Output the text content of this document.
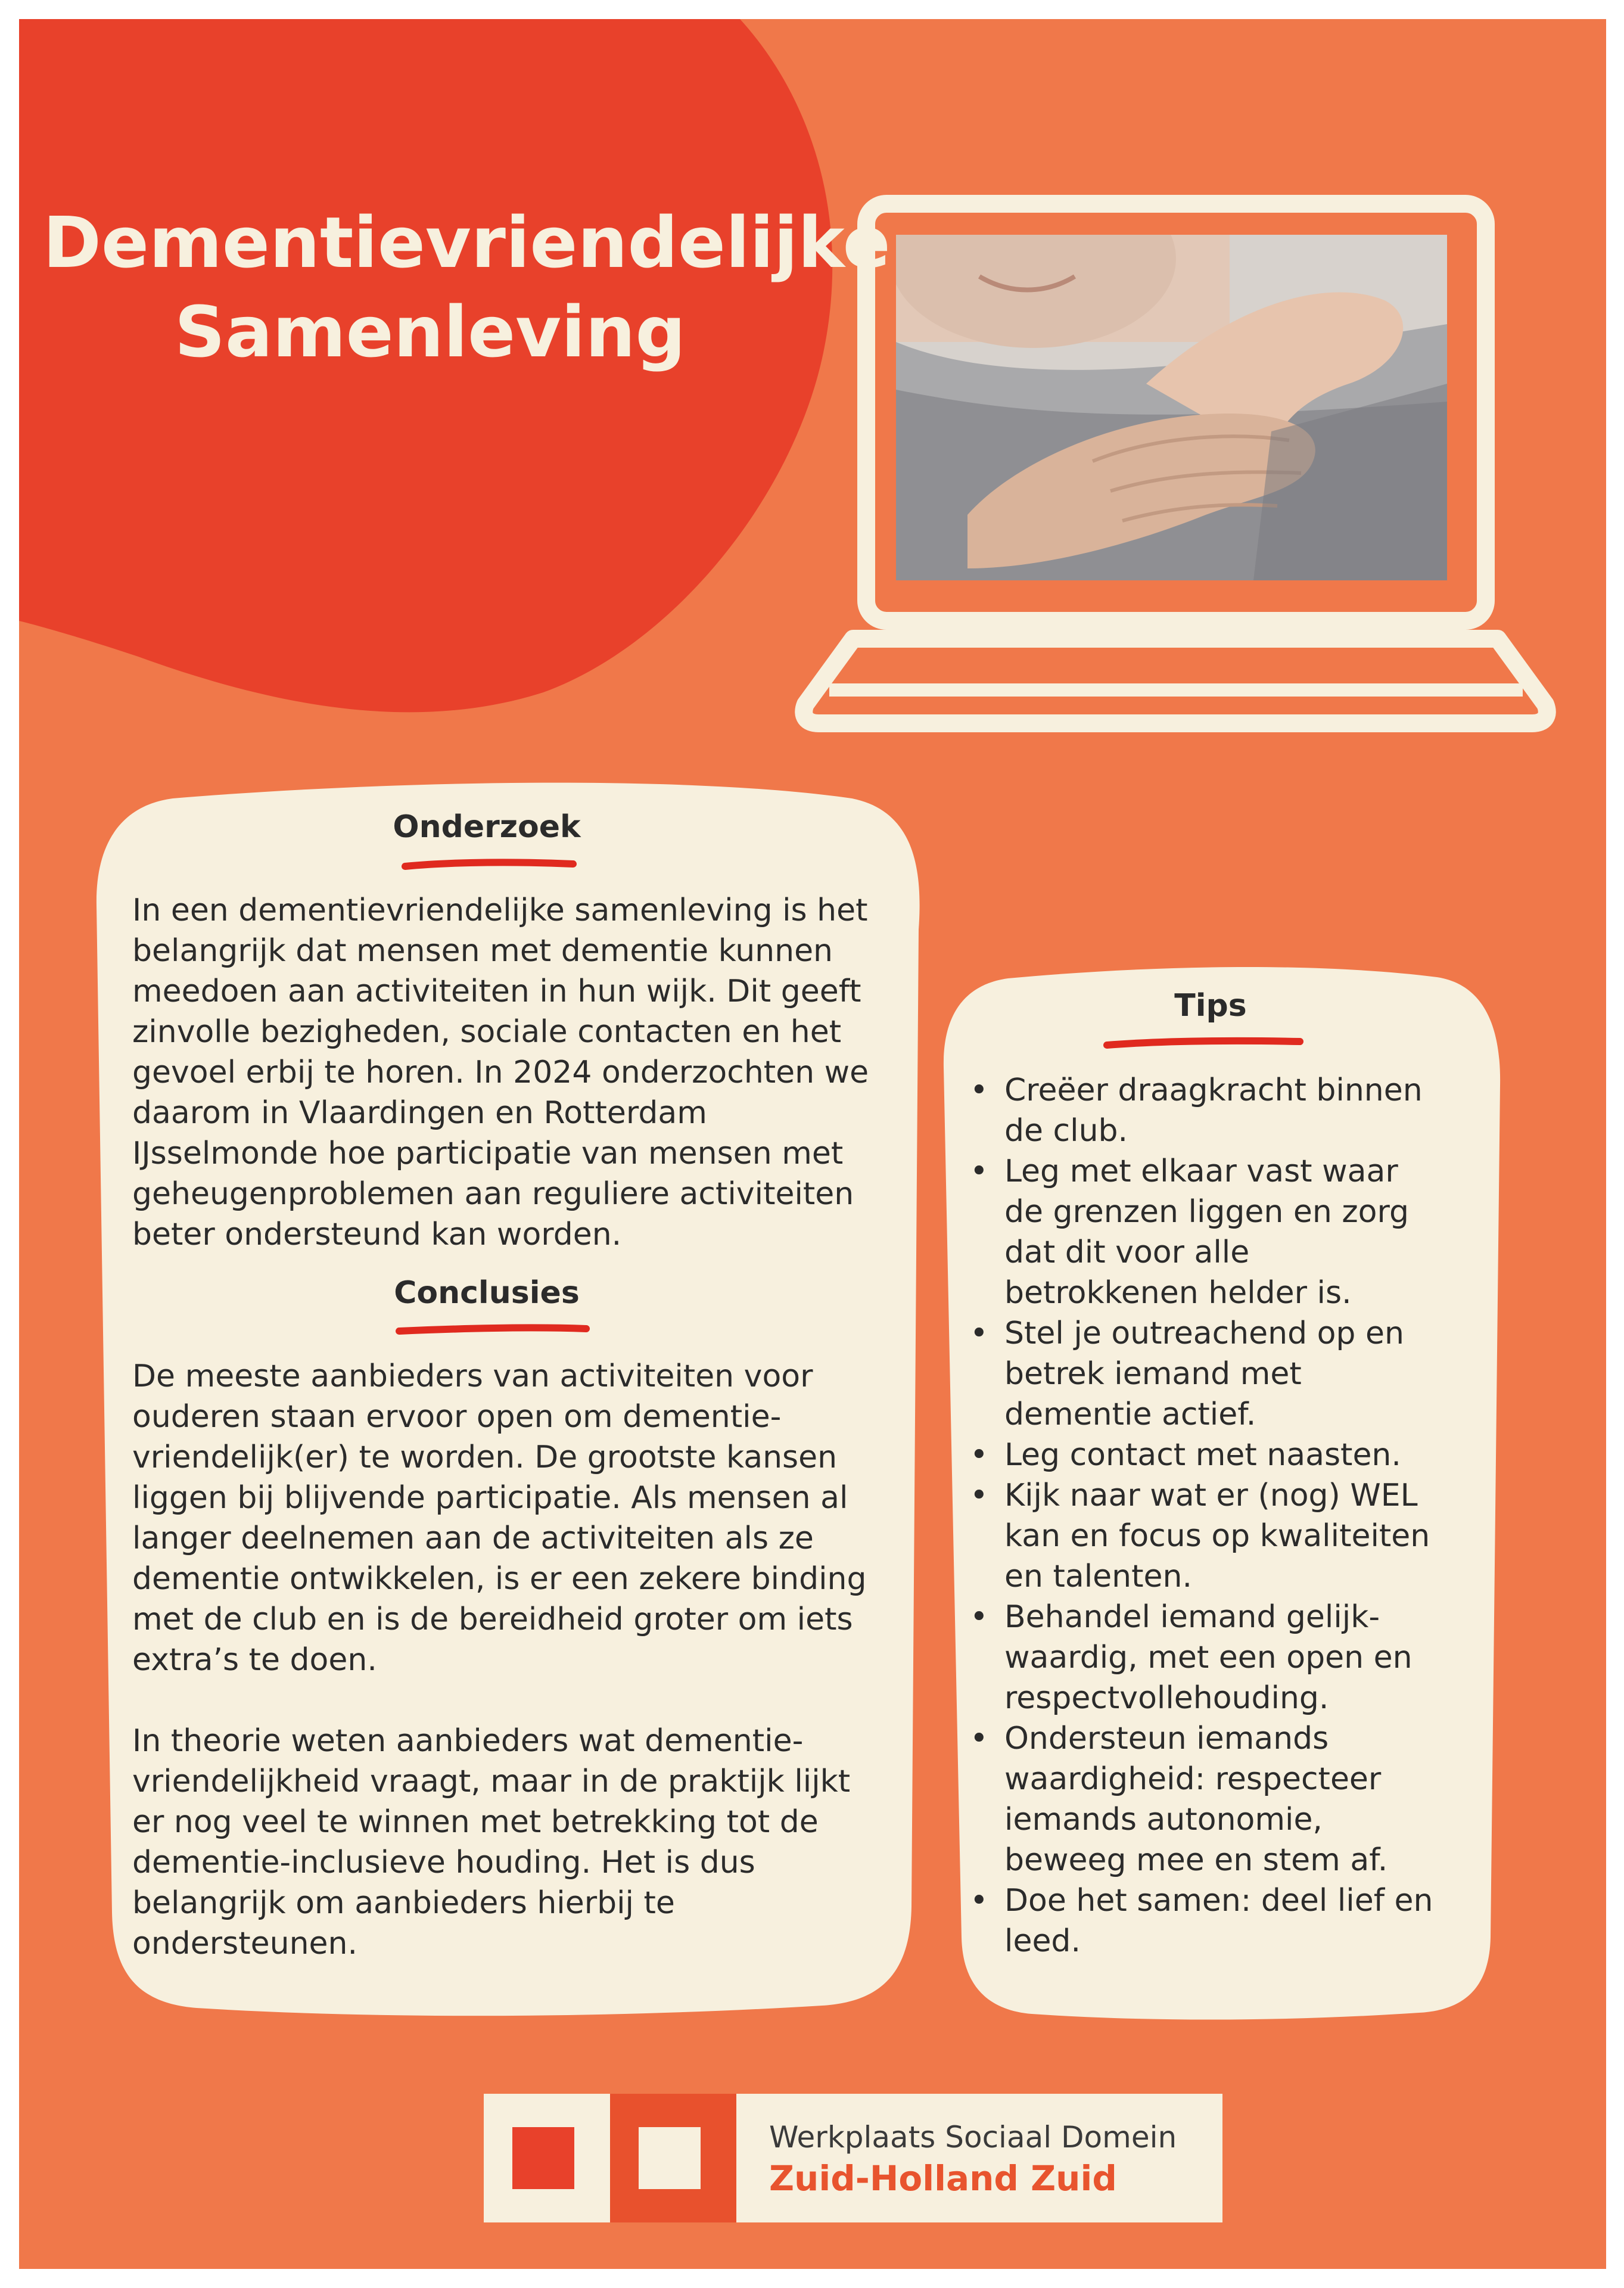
Dementievriendelijke
Samenleving

Onderzoek

In een dementievriendelijke samenleving is het
belangrijk dat mensen met dementie kunnen
meedoen aan activiteiten in hun wijk. Dit geeft
zinvolle bezigheden, sociale contacten en het
gevoel erbij te horen. In 2024 onderzochten we
daarom in Vlaardingen en Rotterdam
IJsselmonde hoe participatie van mensen met
geheugenproblemen aan reguliere activiteiten
beter ondersteund kan worden.

Conclusies

De meeste aanbieders van activiteiten voor
ouderen staan ervoor open om dementie-
vriendelijk(er) te worden. De grootste kansen
liggen bij blijvende participatie. Als mensen al
langer deelnemen aan de activiteiten als ze
dementie ontwikkelen, is er een zekere binding
met de club en is de bereidheid groter om iets
extra’s te doen.
In theorie weten aanbieders wat dementie-
vriendelijkheid vraagt, maar in de praktijk lijkt
er nog veel te winnen met betrekking tot de
dementie-inclusieve houding. Het is dus
belangrijk om aanbieders hierbij te
ondersteunen.

Tips

• Creëer draagkracht binnen
de club.
• Leg met elkaar vast waar
de grenzen liggen en zorg
dat dit voor alle
betrokkenen helder is.
• Stel je outreachend op en
betrek iemand met
dementie actief.
• Leg contact met naasten.
• Kijk naar wat er (nog) WEL
kan en focus op kwaliteiten
en talenten.
• Behandel iemand gelijk-
waardig, met een open en
respectvollehouding.
• Ondersteun iemands
waardigheid: respecteer
iemands autonomie,
beweeg mee en stem af.
• Doe het samen: deel lief en
leed.
Werkplaats Sociaal Domein
Zuid-Holland Zuid
